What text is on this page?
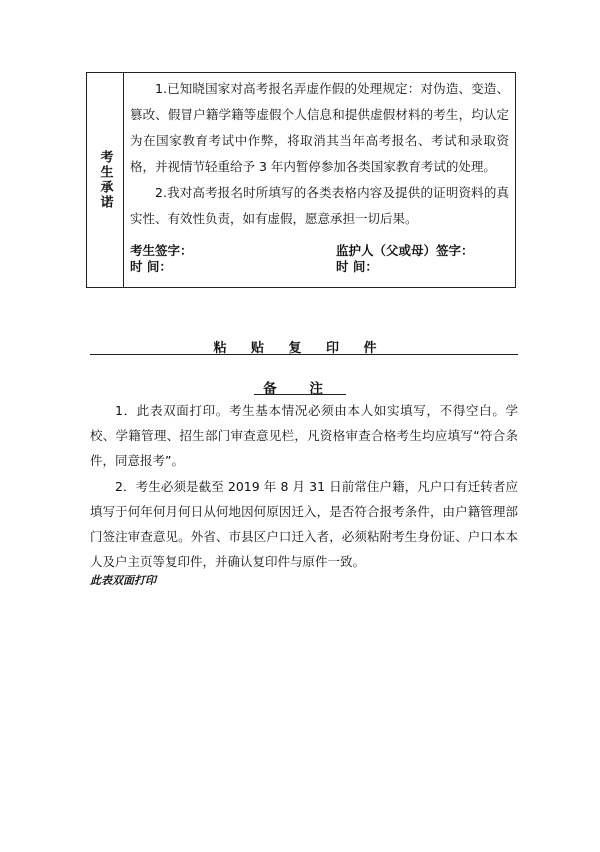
考生承诺

1.已知晓国家对高考报名弄虚作假的处理规定：对伪造、变造、篡改、假冒户籍学籍等虚假个人信息和提供虚假材料的考生，均认定为在国家教育考试中作弊，将取消其当年高考报名、考试和录取资格，并视情节轻重给予 3 年内暂停参加各类国家教育考试的处理。

2.我对高考报名时所填写的各类表格内容及提供的证明资料的真实性、有效性负责，如有虚假，愿意承担一切后果。

考生签字：	监护人（父或母）签字：

时 间：	时 间：

粘 贴 复 印 件

备 注

1．此表双面打印。考生基本情况必须由本人如实填写，不得空白。学校、学籍管理、招生部门审查意见栏，凡资格审查合格考生均应填写“符合条件，同意报考”。

2．考生必须是截至 2019 年 8 月 31 日前常住户籍，凡户口有迁转者应填写于何年何月何日从何地因何原因迁入，是否符合报考条件，由户籍管理部门签注审查意见。外省、市县区户口迁入者，必须粘附考生身份证、户口本本人及户主页等复印件，并确认复印件与原件一致。

此表双面打印
